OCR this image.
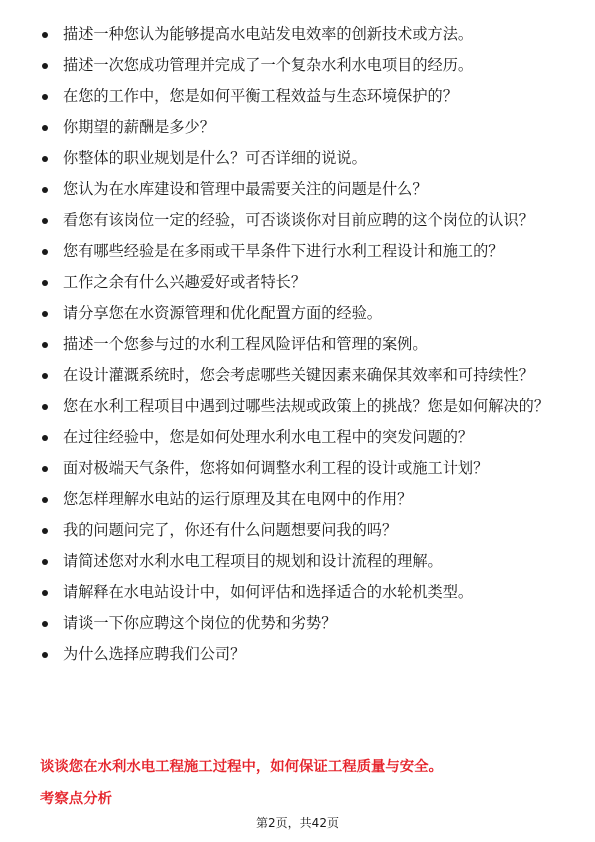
描述一种您认为能够提高水电站发电效率的创新技术或方法。
描述一次您成功管理并完成了一个复杂水利水电项目的经历。
在您的工作中，您是如何平衡工程效益与生态环境保护的？
你期望的薪酬是多少？
你整体的职业规划是什么？可否详细的说说。
您认为在水库建设和管理中最需要关注的问题是什么？
看您有该岗位一定的经验，可否谈谈你对目前应聘的这个岗位的认识？
您有哪些经验是在多雨或干旱条件下进行水利工程设计和施工的？
工作之余有什么兴趣爱好或者特长？
请分享您在水资源管理和优化配置方面的经验。
描述一个您参与过的水利工程风险评估和管理的案例。
在设计灌溉系统时，您会考虑哪些关键因素来确保其效率和可持续性？
您在水利工程项目中遇到过哪些法规或政策上的挑战？您是如何解决的？
在过往经验中，您是如何处理水利水电工程中的突发问题的？
面对极端天气条件，您将如何调整水利工程的设计或施工计划？
您怎样理解水电站的运行原理及其在电网中的作用？
我的问题问完了，你还有什么问题想要问我的吗？
请简述您对水利水电工程项目的规划和设计流程的理解。
请解释在水电站设计中，如何评估和选择适合的水轮机类型。
请谈一下你应聘这个岗位的优势和劣势？
为什么选择应聘我们公司？
谈谈您在水利水电工程施工过程中，如何保证工程质量与安全。
考察点分析
第2页，共42页
